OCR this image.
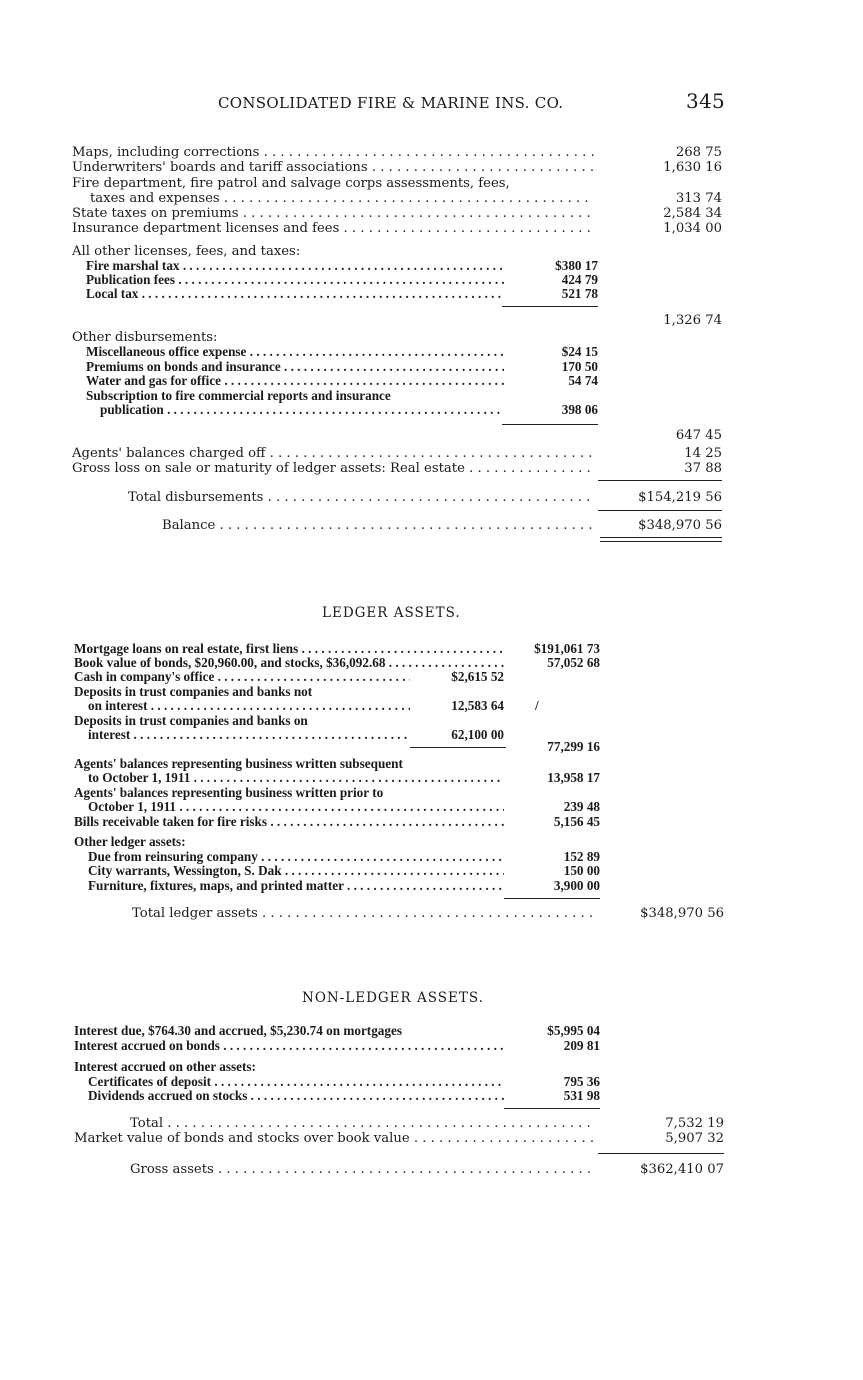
CONSOLIDATED FIRE & MARINE INS. CO.	345
Maps, including corrections . . .	268 75
Underwriters' boards and tariff associations . . .	1,630 16
Fire department, fire patrol and salvage corps assessments, fees,
taxes and expenses . . .	313 74
State taxes on premiums . . .	2,584 34
Insurance department licenses and fees . . .	1,034 00
All other licenses, fees, and taxes:
Fire marshal tax . . .	$380 17
Publication fees . . .	424 79
Local tax . . .	521 78
1,326 74
Other disbursements:
Miscellaneous office expense . . .	$24 15
Premiums on bonds and insurance . . .	170 50
Water and gas for office . . .	54 74
Subscription to fire commercial reports and insurance
publication . . .	398 06
647 45
Agents' balances charged off . . .	14 25
Gross loss on sale or maturity of ledger assets: Real estate . . .	37 88
Total disbursements . . .	$154,219 56
Balance . . .	$348,970 56
LEDGER ASSETS.
Mortgage loans on real estate, first liens . . .	$191,061 73
Book value of bonds, $20,960.00, and stocks, $36,092.68 . . .	57,052 68
Cash in company's office . . .	$2,615 52
Deposits in trust companies and banks not
on interest . . .	12,583 64 /
Deposits in trust companies and banks on
interest . . .	62,100 00
77,299 16
Agents' balances representing business written subsequent
to October 1, 1911 . . .	13,958 17
Agents' balances representing business written prior to
October 1, 1911 . . .	239 48
Bills receivable taken for fire risks . . .	5,156 45
Other ledger assets:
Due from reinsuring company . . .	152 89
City warrants, Wessington, S. Dak . . .	150 00
Furniture, fixtures, maps, and printed matter . . .	3,900 00
Total ledger assets . . .	$348,970 56
NON-LEDGER ASSETS.
Interest due, $764.30 and accrued, $5,230.74 on mortgages	$5,995 04
Interest accrued on bonds . . .	209 81
Interest accrued on other assets:
Certificates of deposit . . .	795 36
Dividends accrued on stocks . . .	531 98
Total . . .	7,532 19
Market value of bonds and stocks over book value . . .	5,907 32
Gross assets . . .	$362,410 07
